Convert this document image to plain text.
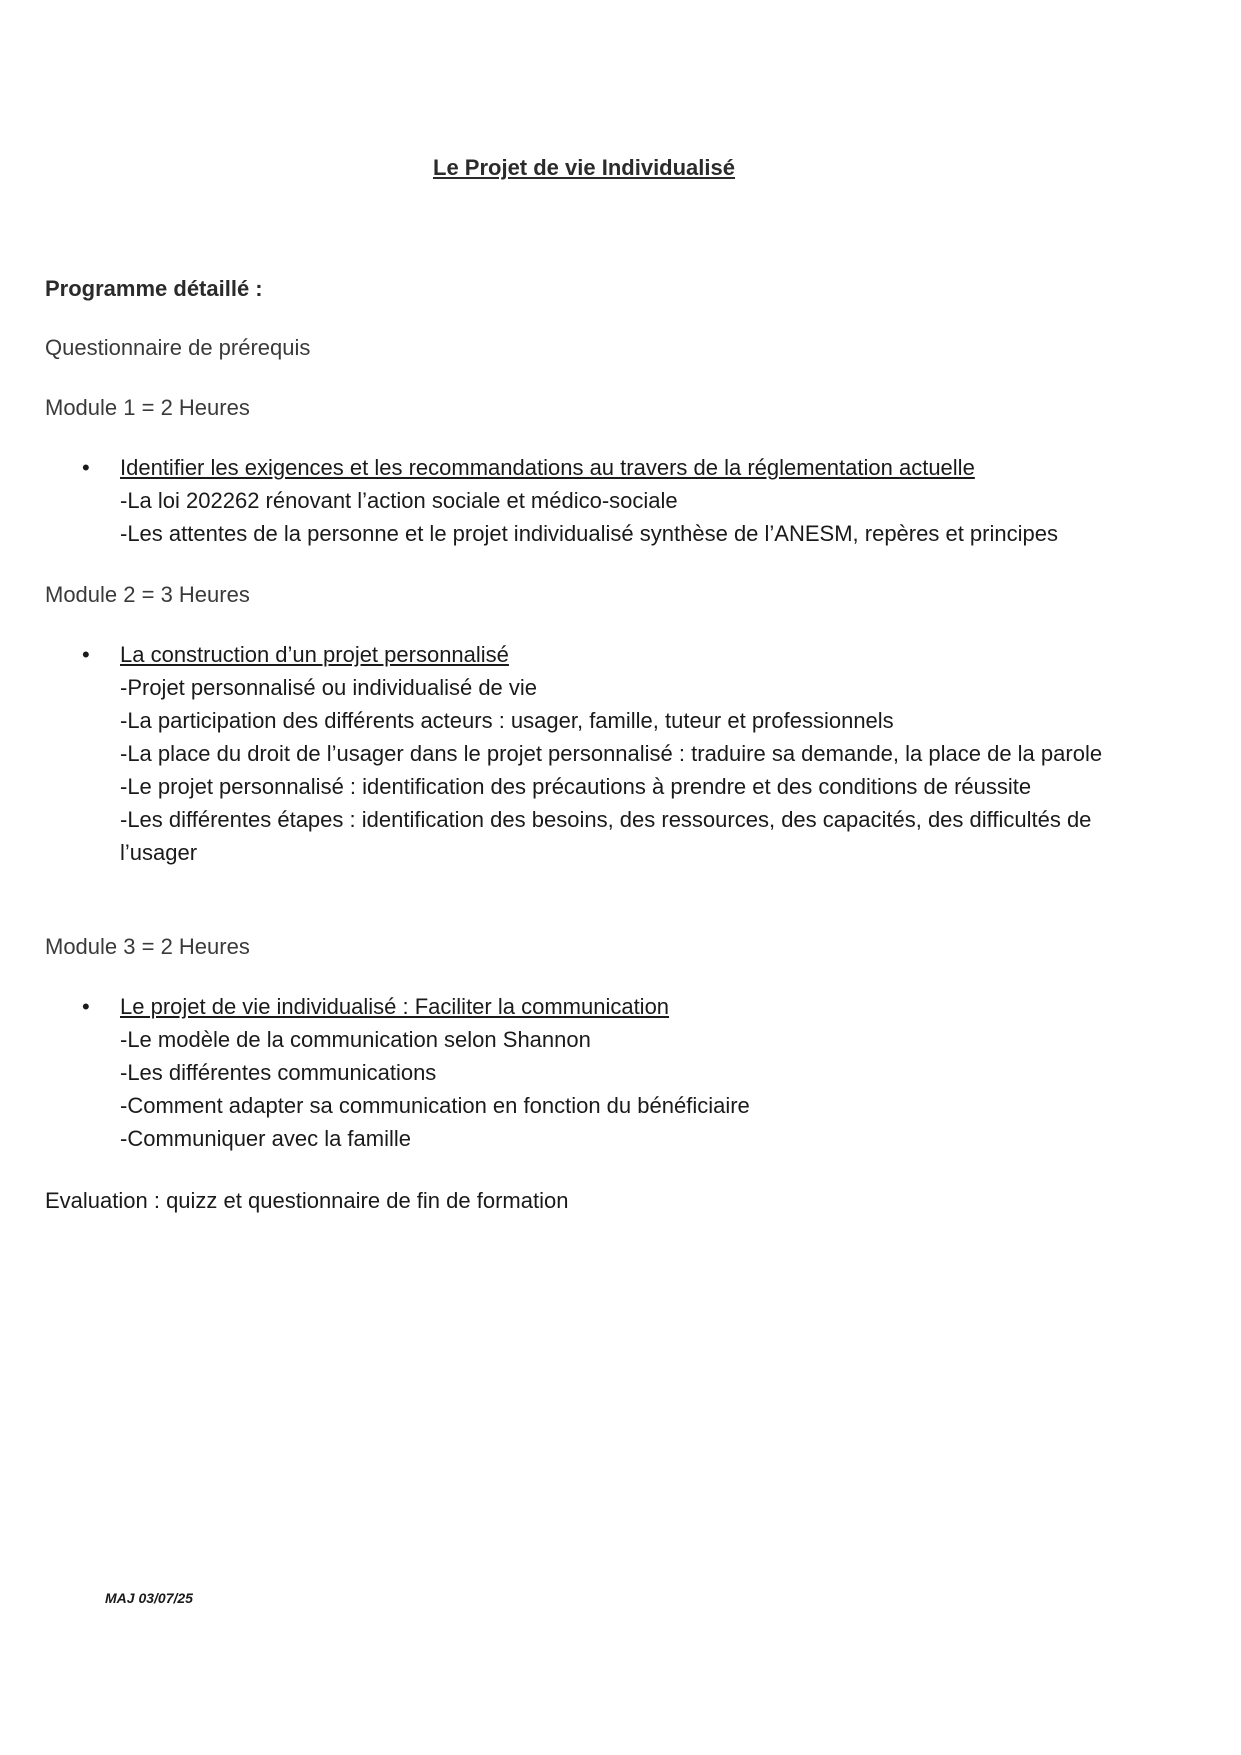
Le Projet de vie Individualisé
Programme détaillé :
Questionnaire de prérequis
Module 1 = 2 Heures
• Identifier les exigences et les recommandations au travers de la réglementation actuelle
-La loi 202262 rénovant l’action sociale et médico-sociale
-Les attentes de la personne et le projet individualisé synthèse de l’ANESM, repères et principes
Module 2 = 3 Heures
• La construction d’un projet personnalisé
-Projet personnalisé ou individualisé de vie
-La participation des différents acteurs : usager, famille, tuteur et professionnels
-La place du droit de l’usager dans le projet personnalisé : traduire sa demande, la place de la parole
-Le projet personnalisé : identification des précautions à prendre et des conditions de réussite
-Les différentes étapes : identification des besoins, des ressources, des capacités, des difficultés de l’usager
Module 3 = 2 Heures
• Le projet de vie individualisé : Faciliter la communication
-Le modèle de la communication selon Shannon
-Les différentes communications
-Comment adapter sa communication en fonction du bénéficiaire
-Communiquer avec la famille
Evaluation : quizz et questionnaire de fin de formation
MAJ 03/07/25
